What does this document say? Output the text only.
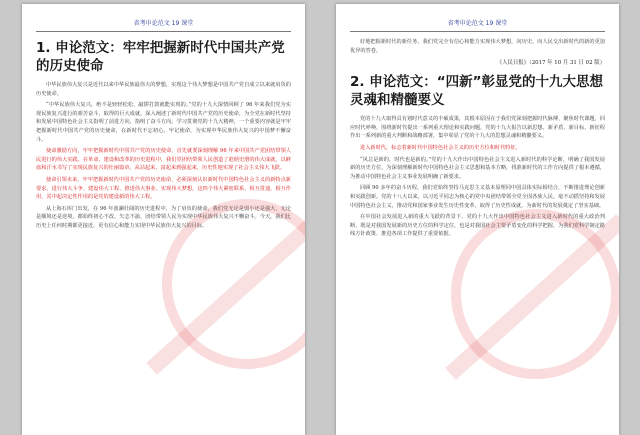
省考申论范文 19 课堂
1. 申论范文：牢牢把握新时代中国共产党的历史使命

中华民族伟大复兴是近代以来中华民族最伟大的梦想，实现这个伟大梦想是中国共产党自成立以来就肩负的历史使命。

“中华民族伟大复兴，绝不是轻轻松松、敲锣打鼓就能实现的。”党的十九大深情回顾了 96 年来我们党为实现民族复兴进行的艰苦奋斗，取得的巨大成就，深入阐述了新时代中国共产党的历史使命，为全党在新时代坚持和发展中国特色社会主义指明了前进方向、指明了奋斗方向。学习贯彻党的十九大精神，一个重要内容就是牢牢把握新时代中国共产党的历史使命，在新时代不忘初心、牢记使命，为实现中华民族伟大复兴的中国梦不懈奋斗。

使命激励方向，牢牢把握新时代中国共产党的历史使命，首先就要深刻理解 96 年来中国共产党团结带领人民进行的伟大实践。在革命、建设和改革的历史进程中，我们党团结带领人民创造了彪炳史册的伟大成就，以鲜血和汗水书写了实现民族复兴的壮丽篇章。从站起来、富起来到强起来，历史性地实现了社会主义伟大飞跃。

使命引领未来，牢牢把握新时代中国共产党的历史使命，必须深刻认识新时代中国特色社会主义的新特点新要求，进行伟大斗争、建设伟大工程、推进伟大事业、实现伟大梦想，这四个伟大紧密联系、相互贯通、相互作用，其中起决定性作用的是党的建设新的伟大工程。

从上海石库门出发，在 96 年波澜壮阔的历史进程中，为了肩负的使命，我们党无论是弱小还是强大，无论是顺境还是逆境，都始终初心不改、矢志不渝，团结带领人民为实现中华民族伟大复兴不懈奋斗。今天，我们比历史上任何时期都更接近、更有信心和能力实现中华民族伟大复兴的目标。

省考申论范文 19 课堂

好地把握新时代的新任务，我们党完全有信心和能力实现伟大梦想，向历史、向人民交出新时代的新的更加优异的答卷。

《人民日报》（2017 年 10 月 31 日 02 版）
2. 申论范文：“四新”彰显党的十九大思想灵魂和精髓要义

党的十九大取得具有划时代意义的丰硕成果，其根本原因在于我们党深刻把握时代脉搏，聚焦时代课题，回应时代呼唤，围绕新时代提出一系列重大理论和实践问题，党的十九大报告以新思想、新矛盾、新目标、新征程作出一系列新的重大判断和战略部署，集中彰显了党的十九大的思想灵魂和精髓要义。

进入新时代，标志着新时代中国特色社会主义的历史方位和时代特征。

“风总是新的，时代也是新的。”党的十九大作出中国特色社会主义进入新时代的科学论断，明确了我国发展新的历史方位，为深刻理解新时代中国特色社会主义思想和基本方略，找准新时代的工作方向提供了根本遵循，为推动中国特色社会主义事业发展明确了新要求。

回顾 90 多年的奋斗历程，我们党始终坚持马克思主义基本原理同中国具体实际相结合，不断推进理论创新和实践创新。党的十八大以来，以习近平同志为核心的党中央团结带领全党全国各族人民，毫不动摇坚持和发展中国特色社会主义，推动党和国家事业发生历史性变革，取得了历史性成就，为新时代的发展奠定了坚实基础。

在中国社会发展进入新的重大飞跃的背景下，党的十九大作出中国特色社会主义进入新时代的重大政治判断，既是对我国发展新的历史方位的科学定位，也是对我国社会主要矛盾变化的科学把握，为我们党科学制定路线方针政策、推进各项工作提供了重要依据。
